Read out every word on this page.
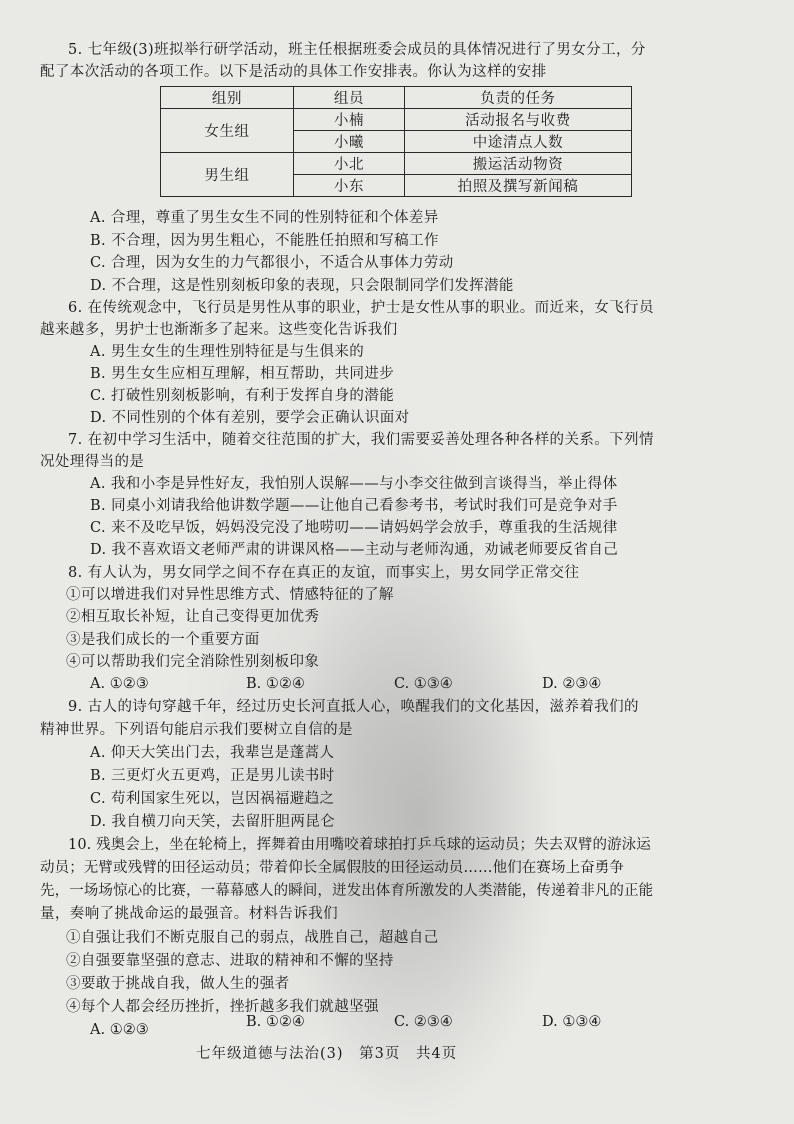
5. 七年级(3)班拟举行研学活动，班主任根据班委会成员的具体情况进行了男女分工，分
配了本次活动的各项工作。以下是活动的具体工作安排表。你认为这样的安排
组别	组员	负责的任务
女生组	小楠	活动报名与收费
	小曦	中途清点人数
男生组	小北	搬运活动物资
	小东	拍照及撰写新闻稿
A. 合理，尊重了男生女生不同的性别特征和个体差异
B. 不合理，因为男生粗心，不能胜任拍照和写稿工作
C. 合理，因为女生的力气都很小，不适合从事体力劳动
D. 不合理，这是性别刻板印象的表现，只会限制同学们发挥潜能
6. 在传统观念中，飞行员是男性从事的职业，护士是女性从事的职业。而近来，女飞行员
越来越多，男护士也渐渐多了起来。这些变化告诉我们
A. 男生女生的生理性别特征是与生俱来的
B. 男生女生应相互理解，相互帮助，共同进步
C. 打破性别刻板影响，有利于发挥自身的潜能
D. 不同性别的个体有差别，要学会正确认识面对
7. 在初中学习生活中，随着交往范围的扩大，我们需要妥善处理各种各样的关系。下列情
况处理得当的是
A. 我和小李是异性好友，我怕别人误解——与小李交往做到言谈得当，举止得体
B. 同桌小刘请我给他讲数学题——让他自己看参考书，考试时我们可是竞争对手
C. 来不及吃早饭，妈妈没完没了地唠叨——请妈妈学会放手，尊重我的生活规律
D. 我不喜欢语文老师严肃的讲课风格——主动与老师沟通，劝诫老师要反省自己
8. 有人认为，男女同学之间不存在真正的友谊，而事实上，男女同学正常交往
①可以增进我们对异性思维方式、情感特征的了解
②相互取长补短，让自己变得更加优秀
③是我们成长的一个重要方面
④可以帮助我们完全消除性别刻板印象
A. ①②③	B. ①②④	C. ①③④	D. ②③④
9. 古人的诗句穿越千年，经过历史长河直抵人心，唤醒我们的文化基因，滋养着我们的
精神世界。下列语句能启示我们要树立自信的是
A. 仰天大笑出门去，我辈岂是蓬蒿人
B. 三更灯火五更鸡，正是男儿读书时
C. 苟利国家生死以，岂因祸福避趋之
D. 我自横刀向天笑，去留肝胆两昆仑
10. 残奥会上，坐在轮椅上，挥舞着由用嘴咬着球拍打乒乓球的运动员；失去双臂的游泳运
动员；无臂或残臂的田径运动员；带着仰长全属假肢的田径运动员……他们在赛场上奋勇争
先，一场场惊心的比赛，一幕幕感人的瞬间，迸发出体育所激发的人类潜能，传递着非凡的正能
量，奏响了挑战命运的最强音。材料告诉我们
①自强让我们不断克服自己的弱点，战胜自己，超越自己
②自强要靠坚强的意志、进取的精神和不懈的坚持
③要敢于挑战自我，做人生的强者
④每个人都会经历挫折，挫折越多我们就越坚强
A. ①②③	B. ①②④	C. ②③④	D. ①③④
七年级道德与法治(3) 第3页 共4页
